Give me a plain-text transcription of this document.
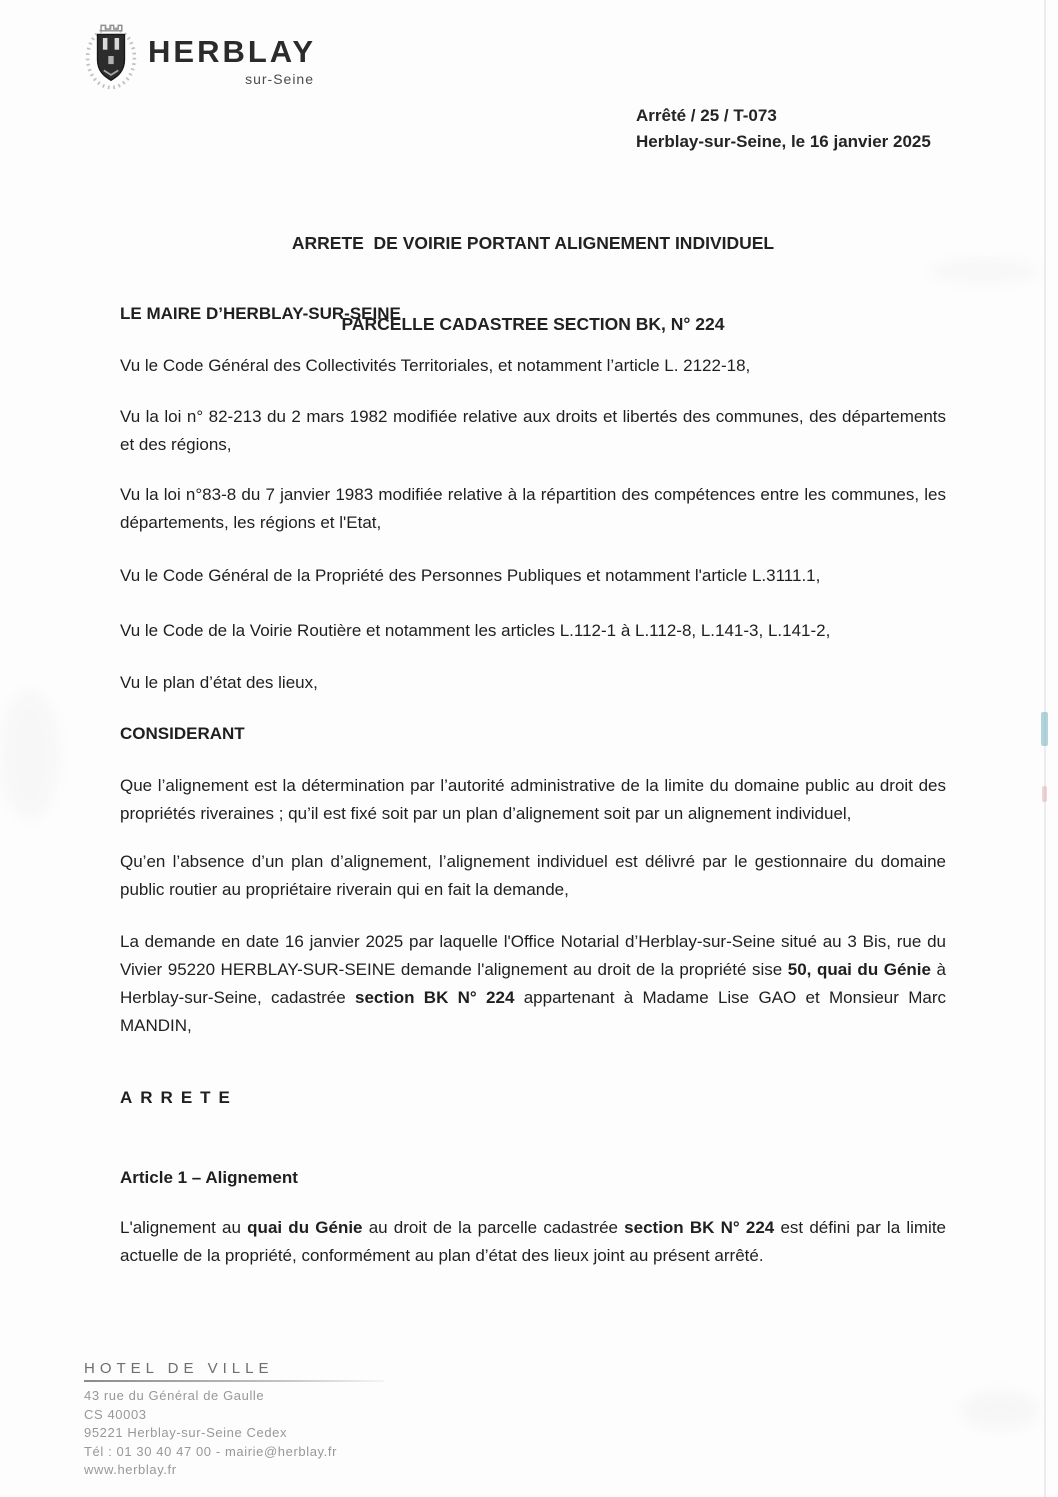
HERBLAY
sur-Seine
Arrêté / 25 / T-073
Herblay-sur-Seine, le 16 janvier 2025

ARRETE  DE VOIRIE PORTANT ALIGNEMENT INDIVIDUEL

PARCELLE CADASTREE SECTION BK, N° 224

LE MAIRE D’HERBLAY-SUR-SEINE

Vu le Code Général des Collectivités Territoriales, et notamment l’article L. 2122-18,

Vu la loi n° 82-213 du 2 mars 1982 modifiée relative aux droits et libertés des communes, des départements et des régions,

Vu la loi n°83-8 du 7 janvier 1983 modifiée relative à la répartition des compétences entre les communes, les départements, les régions et l'Etat,

Vu le Code Général de la Propriété des Personnes Publiques et notamment l'article L.3111.1,

Vu le Code de la Voirie Routière et notamment les articles L.112-1 à L.112-8, L.141-3, L.141-2,

Vu le plan d’état des lieux,

CONSIDERANT

Que l’alignement est la détermination par l’autorité administrative de la limite du domaine public au droit des propriétés riveraines ; qu’il est fixé soit par un plan d’alignement soit par un alignement individuel,

Qu’en l’absence d’un plan d’alignement, l’alignement individuel est délivré par le gestionnaire du domaine public routier au propriétaire riverain qui en fait la demande,

La demande en date 16 janvier 2025 par laquelle l'Office Notarial d’Herblay-sur-Seine situé au 3 Bis, rue du Vivier 95220 HERBLAY-SUR-SEINE demande l'alignement au droit de la propriété sise 50, quai du Génie à Herblay-sur-Seine, cadastrée section BK N° 224 appartenant à Madame Lise GAO et Monsieur Marc MANDIN,

ARRETE

Article 1 – Alignement

L'alignement au quai du Génie au droit de la parcelle cadastrée section BK N° 224 est défini par la limite actuelle de la propriété, conformément au plan d’état des lieux joint au présent arrêté.

HOTEL DE VILLE
43 rue du Général de Gaulle
CS 40003
95221 Herblay-sur-Seine Cedex
Tél : 01 30 40 47 00 - mairie@herblay.fr
www.herblay.fr
